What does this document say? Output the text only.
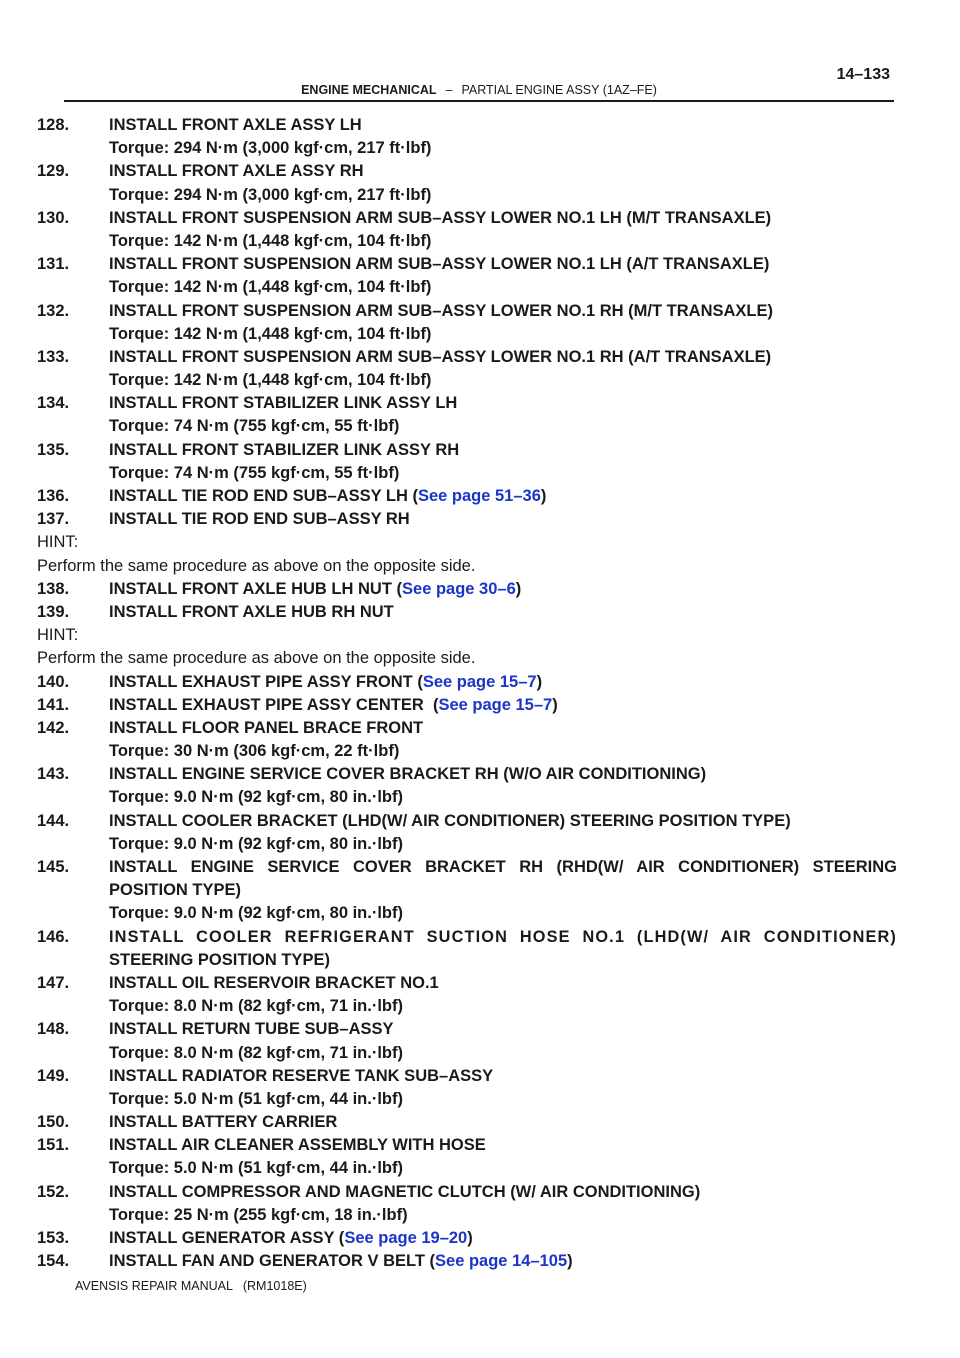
14–133
ENGINE MECHANICAL – PARTIAL ENGINE ASSY (1AZ–FE)
128. INSTALL FRONT AXLE ASSY LH
Torque: 294 N·m (3,000 kgf·cm, 217 ft·lbf)
129. INSTALL FRONT AXLE ASSY RH
Torque: 294 N·m (3,000 kgf·cm, 217 ft·lbf)
130. INSTALL FRONT SUSPENSION ARM SUB–ASSY LOWER NO.1 LH (M/T TRANSAXLE)
Torque: 142 N·m (1,448 kgf·cm, 104 ft·lbf)
131. INSTALL FRONT SUSPENSION ARM SUB–ASSY LOWER NO.1 LH (A/T TRANSAXLE)
Torque: 142 N·m (1,448 kgf·cm, 104 ft·lbf)
132. INSTALL FRONT SUSPENSION ARM SUB–ASSY LOWER NO.1 RH (M/T TRANSAXLE)
Torque: 142 N·m (1,448 kgf·cm, 104 ft·lbf)
133. INSTALL FRONT SUSPENSION ARM SUB–ASSY LOWER NO.1 RH (A/T TRANSAXLE)
Torque: 142 N·m (1,448 kgf·cm, 104 ft·lbf)
134. INSTALL FRONT STABILIZER LINK ASSY LH
Torque: 74 N·m (755 kgf·cm, 55 ft·lbf)
135. INSTALL FRONT STABILIZER LINK ASSY RH
Torque: 74 N·m (755 kgf·cm, 55 ft·lbf)
136. INSTALL TIE ROD END SUB–ASSY LH (See page 51–36)
137. INSTALL TIE ROD END SUB–ASSY RH
HINT:
Perform the same procedure as above on the opposite side.
138. INSTALL FRONT AXLE HUB LH NUT (See page 30–6)
139. INSTALL FRONT AXLE HUB RH NUT
HINT:
Perform the same procedure as above on the opposite side.
140. INSTALL EXHAUST PIPE ASSY FRONT (See page 15–7)
141. INSTALL EXHAUST PIPE ASSY CENTER  (See page 15–7)
142. INSTALL FLOOR PANEL BRACE FRONT
Torque: 30 N·m (306 kgf·cm, 22 ft·lbf)
143. INSTALL ENGINE SERVICE COVER BRACKET RH (W/O AIR CONDITIONING)
Torque: 9.0 N·m (92 kgf·cm, 80 in.·lbf)
144. INSTALL COOLER BRACKET (LHD(W/ AIR CONDITIONER) STEERING POSITION TYPE)
Torque: 9.0 N·m (92 kgf·cm, 80 in.·lbf)
145. INSTALL ENGINE SERVICE COVER BRACKET RH (RHD(W/ AIR CONDITIONER) STEERING
POSITION TYPE)
Torque: 9.0 N·m (92 kgf·cm, 80 in.·lbf)
146. INSTALL COOLER REFRIGERANT SUCTION HOSE NO.1 (LHD(W/ AIR CONDITIONER)
STEERING POSITION TYPE)
147. INSTALL OIL RESERVOIR BRACKET NO.1
Torque: 8.0 N·m (82 kgf·cm, 71 in.·lbf)
148. INSTALL RETURN TUBE SUB–ASSY
Torque: 8.0 N·m (82 kgf·cm, 71 in.·lbf)
149. INSTALL RADIATOR RESERVE TANK SUB–ASSY
Torque: 5.0 N·m (51 kgf·cm, 44 in.·lbf)
150. INSTALL BATTERY CARRIER
151. INSTALL AIR CLEANER ASSEMBLY WITH HOSE
Torque: 5.0 N·m (51 kgf·cm, 44 in.·lbf)
152. INSTALL COMPRESSOR AND MAGNETIC CLUTCH (W/ AIR CONDITIONING)
Torque: 25 N·m (255 kgf·cm, 18 in.·lbf)
153. INSTALL GENERATOR ASSY (See page 19–20)
154. INSTALL FAN AND GENERATOR V BELT (See page 14–105)
AVENSIS REPAIR MANUAL   (RM1018E)
